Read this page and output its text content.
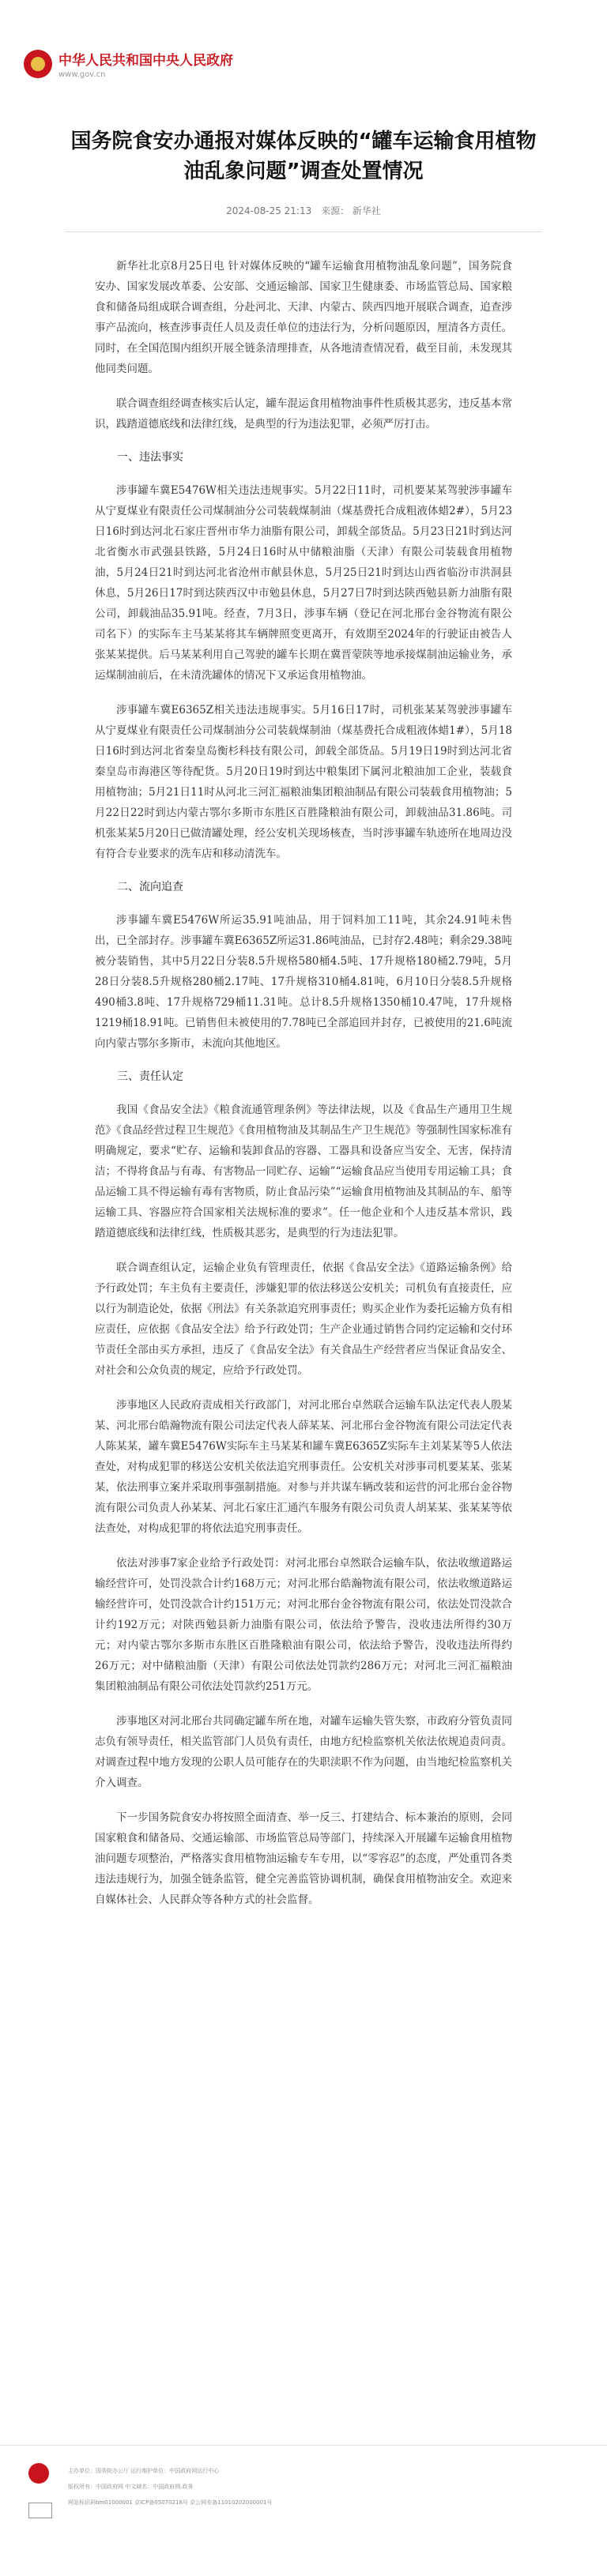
中华人民共和国中央人民政府
www.gov.cn
国务院食安办通报对媒体反映的“罐车运输食用植物
油乱象问题”调查处置情况
2024-08-25 21:13 来源： 新华社

新华社北京8月25日电 针对媒体反映的“罐车运输食用植物油乱象问题”，国务院食安办、国家发展改革委、公安部、交通运输部、国家卫生健康委、市场监管总局、国家粮食和储备局组成联合调查组，分赴河北、天津、内蒙古、陕西四地开展联合调查，追查涉事产品流向，核查涉事责任人员及责任单位的违法行为，分析问题原因，厘清各方责任。同时，在全国范围内组织开展全链条清理排查，从各地清查情况看，截至目前，未发现其他同类问题。

联合调查组经调查核实后认定，罐车混运食用植物油事件性质极其恶劣，违反基本常识，践踏道德底线和法律红线，是典型的行为违法犯罪，必须严厉打击。

一、违法事实

涉事罐车冀E5476W相关违法违规事实。5月22日11时，司机要某某驾驶涉事罐车从宁夏煤业有限责任公司煤制油分公司装载煤制油（煤基费托合成粗液体蜡2#），5月23日16时到达河北石家庄晋州市华力油脂有限公司，卸载全部货品。5月23日21时到达河北省衡水市武强县铁路，5月24日16时从中储粮油脂（天津）有限公司装载食用植物油，5月24日21时到达河北省沧州市献县休息，5月25日21时到达山西省临汾市洪洞县休息，5月26日17时到达陕西汉中市勉县休息，5月27日7时到达陕西勉县新力油脂有限公司，卸载油品35.91吨。经查，7月3日，涉事车辆（登记在河北邢台金谷物流有限公司名下）的实际车主马某某将其车辆牌照变更离开，有效期至2024年的行驶证由被告人张某某提供。后马某某利用自己驾驶的罐车长期在冀晋蒙陕等地承接煤制油运输业务，承运煤制油前后，在未清洗罐体的情况下又承运食用植物油。

涉事罐车冀E6365Z相关违法违规事实。5月16日17时，司机张某某驾驶涉事罐车从宁夏煤业有限责任公司煤制油分公司装载煤制油（煤基费托合成粗液体蜡1#），5月18日16时到达河北省秦皇岛衡杉科技有限公司，卸载全部货品。5月19日19时到达河北省秦皇岛市海港区等待配货。5月20日19时到达中粮集团下属河北粮油加工企业，装载食用植物油；5月21日11时从河北三河汇福粮油集团粮油制品有限公司装载食用植物油；5月22日22时到达内蒙古鄂尔多斯市东胜区百胜隆粮油有限公司，卸载油品31.86吨。司机张某某5月20日已做清罐处理，经公安机关现场核查，当时涉事罐车轨迹所在地周边没有符合专业要求的洗车店和移动清洗车。

二、流向追查

涉事罐车冀E5476W所运35.91吨油品，用于饲料加工11吨，其余24.91吨未售出，已全部封存。涉事罐车冀E6365Z所运31.86吨油品，已封存2.48吨；剩余29.38吨被分装销售，其中5月22日分装8.5升规格580桶4.5吨、17升规格180桶2.79吨，5月28日分装8.5升规格280桶2.17吨、17升规格310桶4.81吨，6月10日分装8.5升规格490桶3.8吨、17升规格729桶11.31吨。总计8.5升规格1350桶10.47吨，17升规格1219桶18.91吨。已销售但未被使用的7.78吨已全部追回并封存，已被使用的21.6吨流向内蒙古鄂尔多斯市，未流向其他地区。

三、责任认定

我国《食品安全法》《粮食流通管理条例》等法律法规，以及《食品生产通用卫生规范》《食品经营过程卫生规范》《食用植物油及其制品生产卫生规范》等强制性国家标准有明确规定，要求“贮存、运输和装卸食品的容器、工器具和设备应当安全、无害，保持清洁；不得将食品与有毒、有害物品一同贮存、运输”“运输食品应当使用专用运输工具；食品运输工具不得运输有毒有害物质，防止食品污染”“运输食用植物油及其制品的车、船等运输工具、容器应符合国家相关法规标准的要求”。任一他企业和个人违反基本常识，践踏道德底线和法律红线，性质极其恶劣，是典型的行为违法犯罪。

联合调查组认定，运输企业负有管理责任，依据《食品安全法》《道路运输条例》给予行政处罚；车主负有主要责任，涉嫌犯罪的依法移送公安机关；司机负有直接责任，应以行为制造论处，依据《刑法》有关条款追究刑事责任；购买企业作为委托运输方负有相应责任，应依据《食品安全法》给予行政处罚；生产企业通过销售合同约定运输和交付环节责任全部由买方承担，违反了《食品安全法》有关食品生产经营者应当保证食品安全、对社会和公众负责的规定，应给予行政处罚。

涉事地区人民政府责成相关行政部门，对河北邢台卓然联合运输车队法定代表人殷某某、河北邢台皓瀚物流有限公司法定代表人薛某某、河北邢台金谷物流有限公司法定代表人陈某某，罐车冀E5476W实际车主马某某和罐车冀E6365Z实际车主刘某某等5人依法查处，对构成犯罪的移送公安机关依法追究刑事责任。公安机关对涉事司机要某某、张某某，依法刑事立案并采取刑事强制措施。对参与并共谋车辆改装和运营的河北邢台金谷物流有限公司负责人孙某某、河北石家庄汇通汽车服务有限公司负责人胡某某、张某某等依法查处，对构成犯罪的将依法追究刑事责任。

依法对涉事7家企业给予行政处罚：对河北邢台卓然联合运输车队，依法收缴道路运输经营许可，处罚没款合计约168万元；对河北邢台皓瀚物流有限公司，依法收缴道路运输经营许可，处罚没款合计约151万元；对河北邢台金谷物流有限公司，依法处罚没款合计约192万元；对陕西勉县新力油脂有限公司，依法给予警告，没收违法所得约30万元；对内蒙古鄂尔多斯市东胜区百胜隆粮油有限公司，依法给予警告，没收违法所得约26万元；对中储粮油脂（天津）有限公司依法处罚款约286万元；对河北三河汇福粮油集团粮油制品有限公司依法处罚款约251万元。

涉事地区对河北邢台共同确定罐车所在地，对罐车运输失管失察，市政府分管负责同志负有领导责任，相关监管部门人员负有责任，由地方纪检监察机关依法依规追责问责。对调查过程中地方发现的公职人员可能存在的失职渎职不作为问题，由当地纪检监察机关介入调查。

下一步国务院食安办将按照全面清查、举一反三、打建结合、标本兼治的原则，会同国家粮食和储备局、交通运输部、市场监管总局等部门，持续深入开展罐车运输食用植物油问题专项整治，严格落实食用植物油运输专车专用，以“零容忍”的态度，严处重罚各类违法违规行为，加强全链条监管，健全完善监管协调机制，确保食用植物油安全。欢迎来自媒体社会、人民群众等各种方式的社会监督。

主办单位：国务院办公厅 运行维护单位：中国政府网运行中心
版权所有：中国政府网 中文域名：中国政府网.政务
网站标识码bm01000001 京ICP备05070218号 京公网安备11010202000001号
